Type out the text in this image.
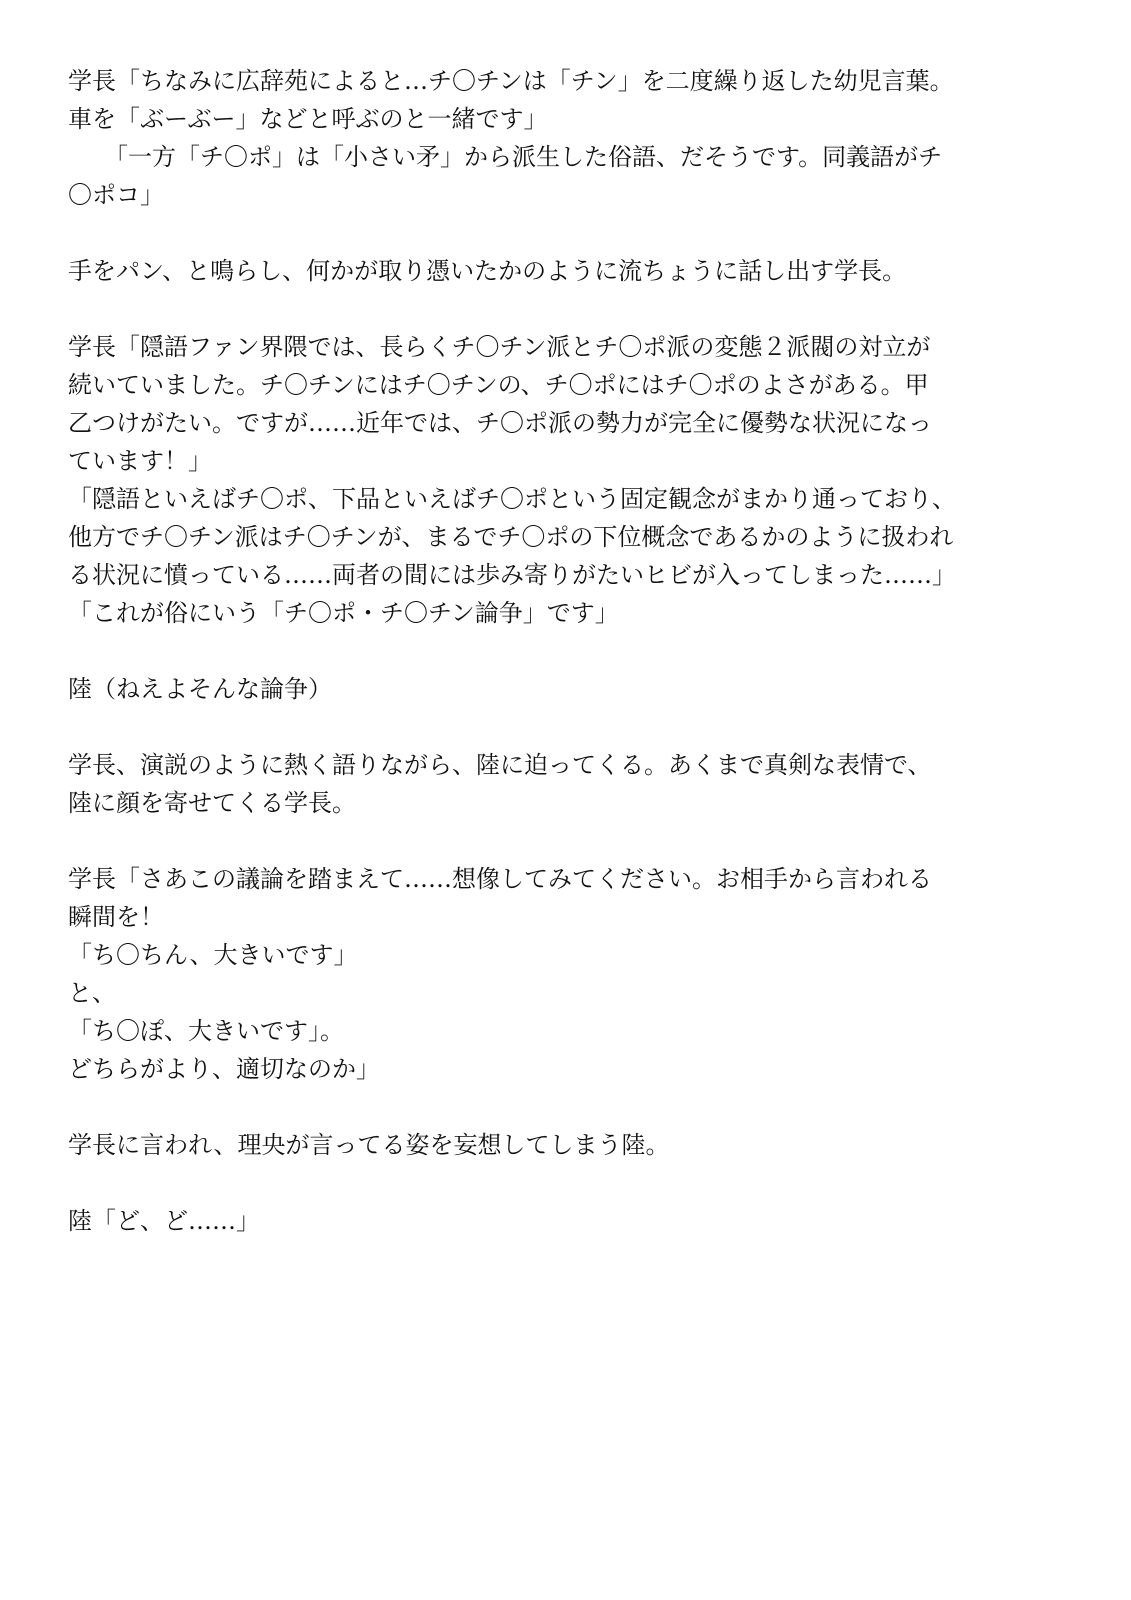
学長「ちなみに広辞苑によると…チ〇チンは「チン」を二度繰り返した幼児言葉。
車を「ぶーぶー」などと呼ぶのと一緒です」
　　「一方「チ〇ポ」は「小さい矛」から派生した俗語、だそうです。同義語がチ
〇ポコ」
手をパン、と鳴らし、何かが取り憑いたかのように流ちょうに話し出す学長。
学長「隠語ファン界隈では、長らくチ〇チン派とチ〇ポ派の変態２派閥の対立が
続いていました。チ〇チンにはチ〇チンの、チ〇ポにはチ〇ポのよさがある。甲
乙つけがたい。ですが……近年では、チ〇ポ派の勢力が完全に優勢な状況になっ
ています！」
「隠語といえばチ〇ポ、下品といえばチ〇ポという固定観念がまかり通っており、
他方でチ〇チン派はチ〇チンが、まるでチ〇ポの下位概念であるかのように扱われ
る状況に憤っている……両者の間には歩み寄りがたいヒビが入ってしまった……」
「これが俗にいう「チ〇ポ・チ〇チン論争」です」
陸（ねえよそんな論争）
学長、演説のように熱く語りながら、陸に迫ってくる。あくまで真剣な表情で、
陸に顔を寄せてくる学長。
学長「さあこの議論を踏まえて……想像してみてください。お相手から言われる
瞬間を！
「ち〇ちん、大きいです」
と、
「ち〇ぽ、大きいです」。
どちらがより、適切なのか」
学長に言われ、理央が言ってる姿を妄想してしまう陸。
陸「ど、ど……」
